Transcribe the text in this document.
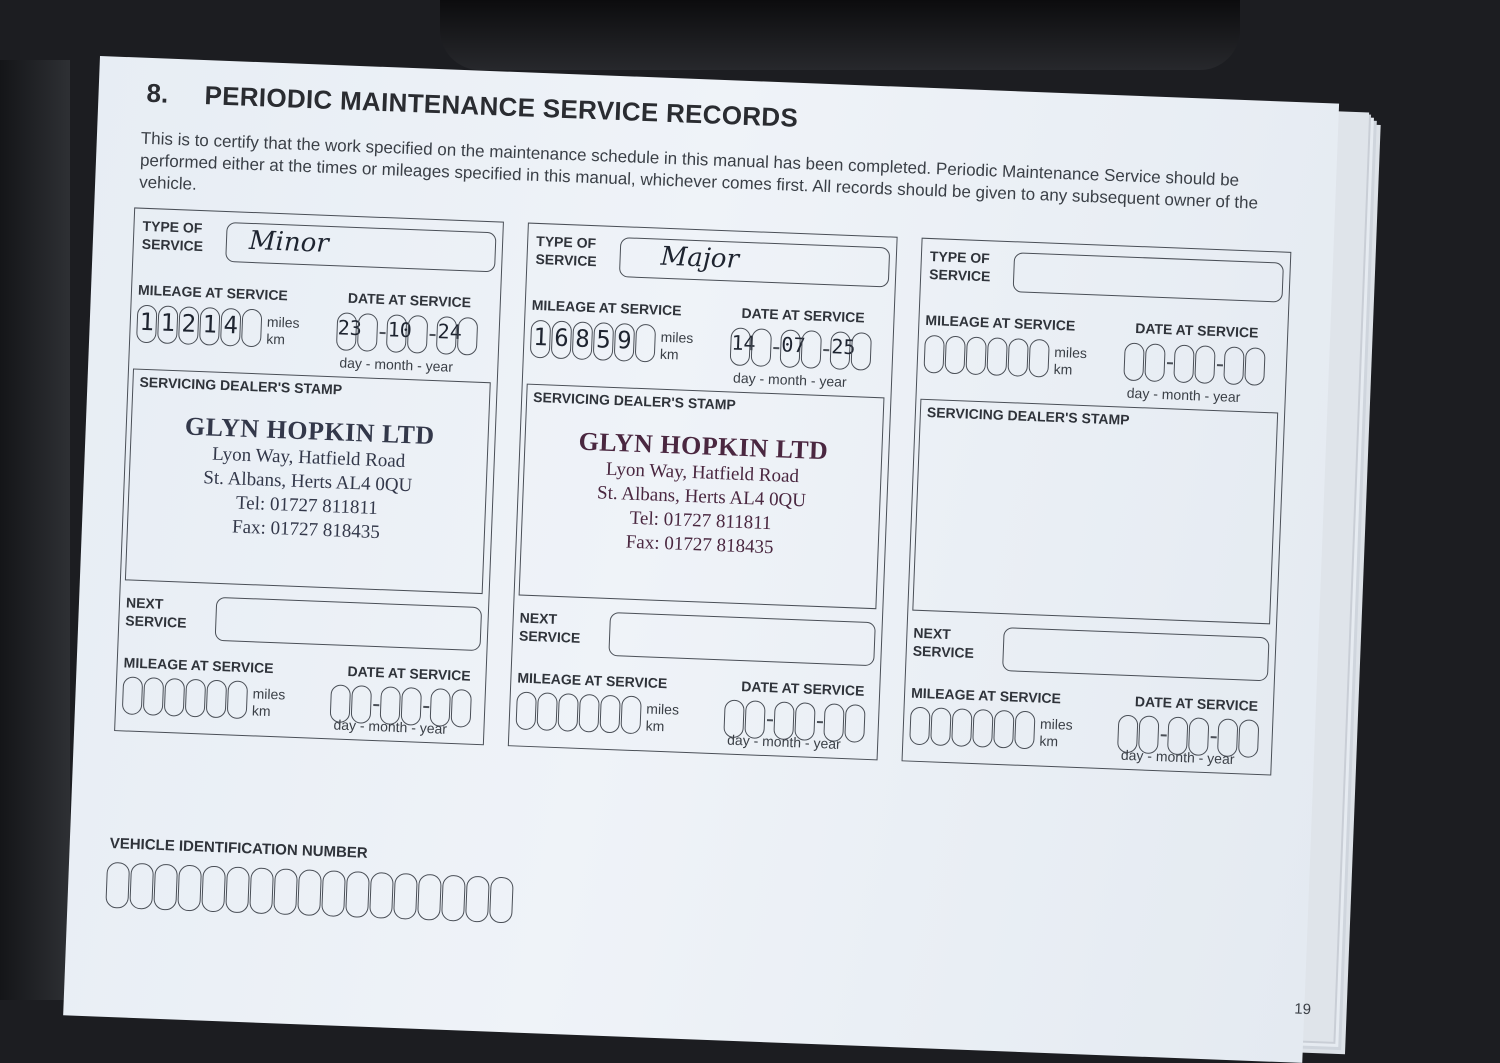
8. PERIODIC MAINTENANCE SERVICE RECORDS

This is to certify that the work specified on the maintenance schedule in this manual has been completed. Periodic Maintenance Service should be performed either at the times or mileages specified in this manual, whichever comes first. All records should be given to any subsequent owner of the vehicle.

TYPE OF
SERVICE Minor
MILEAGE AT SERVICE	DATE AT SERVICE
1 1 2 1 4 miles
km	23 10 24
day - month - year
SERVICING DEALER'S STAMP
GLYN HOPKIN LTD
Lyon Way, Hatfield Road
St. Albans, Herts AL4 0QU
Tel: 01727 811811
Fax: 01727 818435
NEXT
SERVICE
MILEAGE AT SERVICE	DATE AT SERVICE
miles
km
day - month - year
TYPE OF
SERVICE Major
MILEAGE AT SERVICE	DATE AT SERVICE
1 6 8 5 9 miles
km	14 07 25
day - month - year
SERVICING DEALER'S STAMP
GLYN HOPKIN LTD
Lyon Way, Hatfield Road
St. Albans, Herts AL4 0QU
Tel: 01727 811811
Fax: 01727 818435
NEXT
SERVICE
MILEAGE AT SERVICE	DATE AT SERVICE
miles
km
day - month - year
TYPE OF
SERVICE
MILEAGE AT SERVICE	DATE AT SERVICE
miles
km
day - month - year
SERVICING DEALER'S STAMP
NEXT
SERVICE
MILEAGE AT SERVICE	DATE AT SERVICE
miles
km
day - month - year
VEHICLE IDENTIFICATION NUMBER
19
